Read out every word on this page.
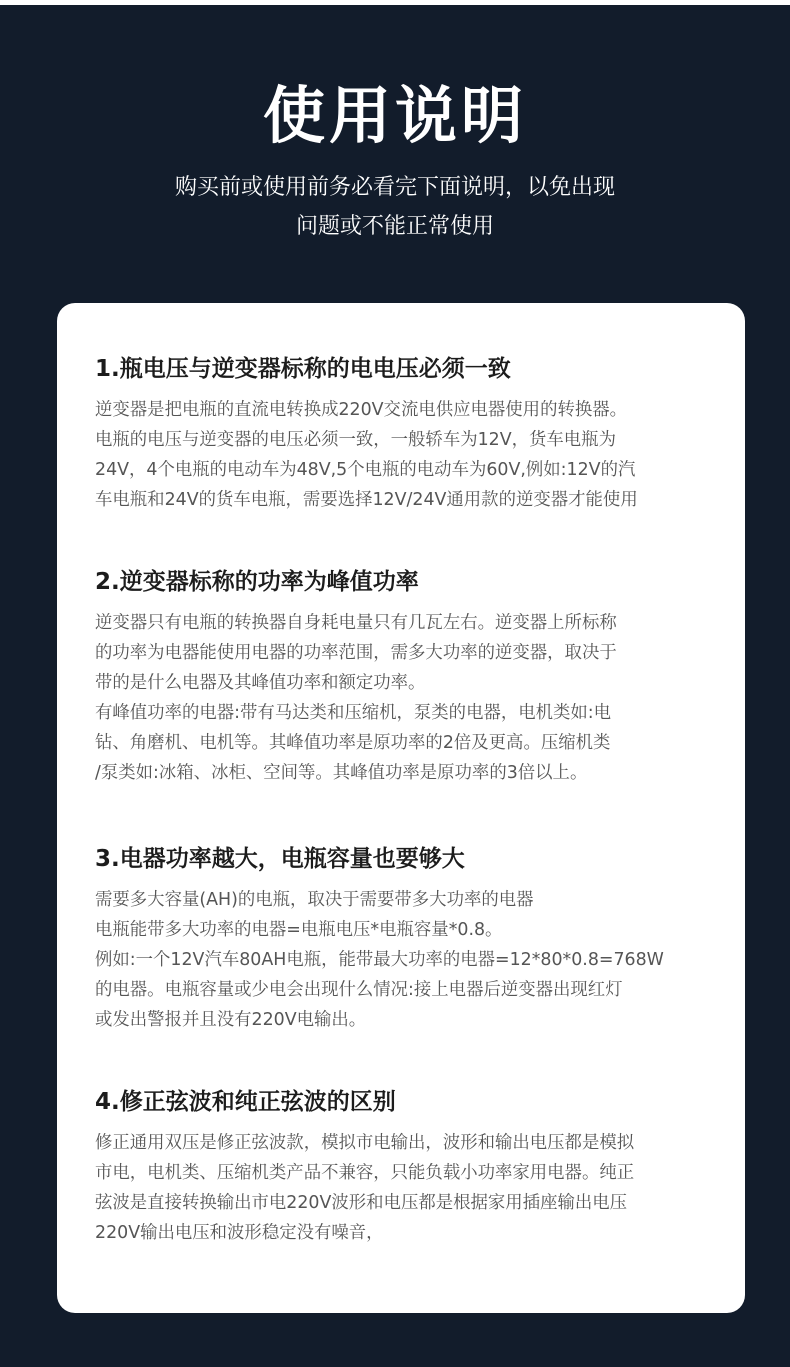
使用说明
购买前或使用前务必看完下面说明，以免出现
问题或不能正常使用
1.瓶电压与逆变器标称的电电压必须一致
逆变器是把电瓶的直流电转换成220V交流电供应电器使用的转换器。
电瓶的电压与逆变器的电压必须一致，一般轿车为12V，货车电瓶为
24V，4个电瓶的电动车为48V,5个电瓶的电动车为60V,例如:12V的汽
车电瓶和24V的货车电瓶，需要选择12V/24V通用款的逆变器才能使用
2.逆变器标称的功率为峰值功率
逆变器只有电瓶的转换器自身耗电量只有几瓦左右。逆变器上所标称
的功率为电器能使用电器的功率范围，需多大功率的逆变器，取决于
带的是什么电器及其峰值功率和额定功率。
有峰值功率的电器:带有马达类和压缩机，泵类的电器，电机类如:电
钻、角磨机、电机等。其峰值功率是原功率的2倍及更高。压缩机类
/泵类如:冰箱、冰柜、空间等。其峰值功率是原功率的3倍以上。
3.电器功率越大，电瓶容量也要够大
需要多大容量(AH)的电瓶，取决于需要带多大功率的电器
电瓶能带多大功率的电器=电瓶电压*电瓶容量*0.8。
例如:一个12V汽车80AH电瓶，能带最大功率的电器=12*80*0.8=768W
的电器。电瓶容量或少电会出现什么情况:接上电器后逆变器出现红灯
或发出警报并且没有220V电输出。
4.修正弦波和纯正弦波的区别
修正通用双压是修正弦波款，模拟市电输出，波形和输出电压都是模拟
市电，电机类、压缩机类产品不兼容，只能负载小功率家用电器。纯正
弦波是直接转换输出市电220V波形和电压都是根据家用插座输出电压
220V输出电压和波形稳定没有噪音，
